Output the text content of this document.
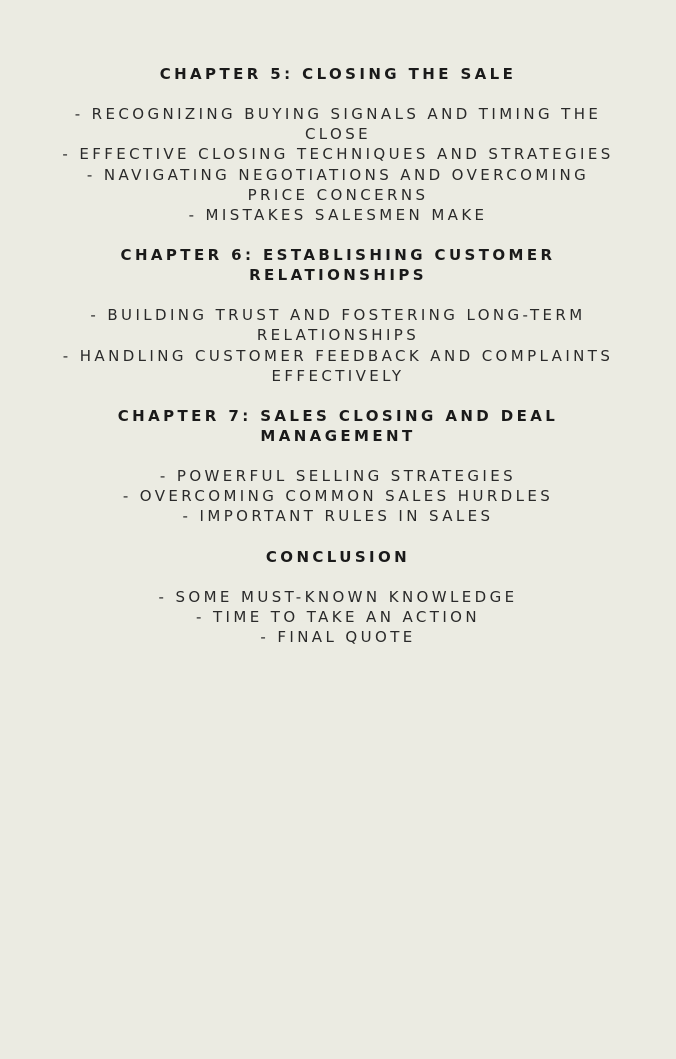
CHAPTER 5: CLOSING THE SALE
- RECOGNIZING BUYING SIGNALS AND TIMING THE CLOSE
- EFFECTIVE CLOSING TECHNIQUES AND STRATEGIES
- NAVIGATING NEGOTIATIONS AND OVERCOMING PRICE CONCERNS
- MISTAKES SALESMEN MAKE
CHAPTER 6: ESTABLISHING CUSTOMER RELATIONSHIPS
- BUILDING TRUST AND FOSTERING LONG-TERM RELATIONSHIPS
- HANDLING CUSTOMER FEEDBACK AND COMPLAINTS EFFECTIVELY
CHAPTER 7: SALES CLOSING AND DEAL MANAGEMENT
- POWERFUL SELLING STRATEGIES
- OVERCOMING COMMON SALES HURDLES
- IMPORTANT RULES IN SALES
CONCLUSION
- SOME MUST-KNOWN KNOWLEDGE
- TIME TO TAKE AN ACTION
- FINAL QUOTE
